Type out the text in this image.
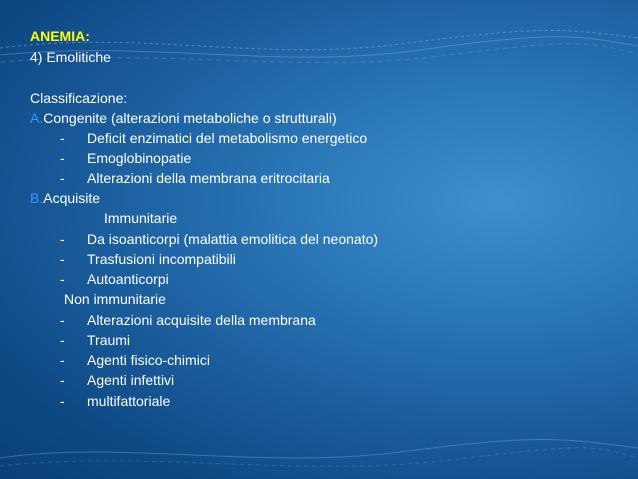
ANEMIA:
4) Emolitiche
Classificazione:
A.Congenite (alterazioni metaboliche o strutturali)
- Deficit enzimatici del metabolismo energetico
- Emoglobinopatie
- Alterazioni della membrana eritrocitaria
B.Acquisite
Immunitarie
- Da isoanticorpi (malattia emolitica del neonato)
- Trasfusioni incompatibili
- Autoanticorpi
Non immunitarie
- Alterazioni acquisite della membrana
- Traumi
- Agenti fisico-chimici
- Agenti infettivi
- multifattoriale
